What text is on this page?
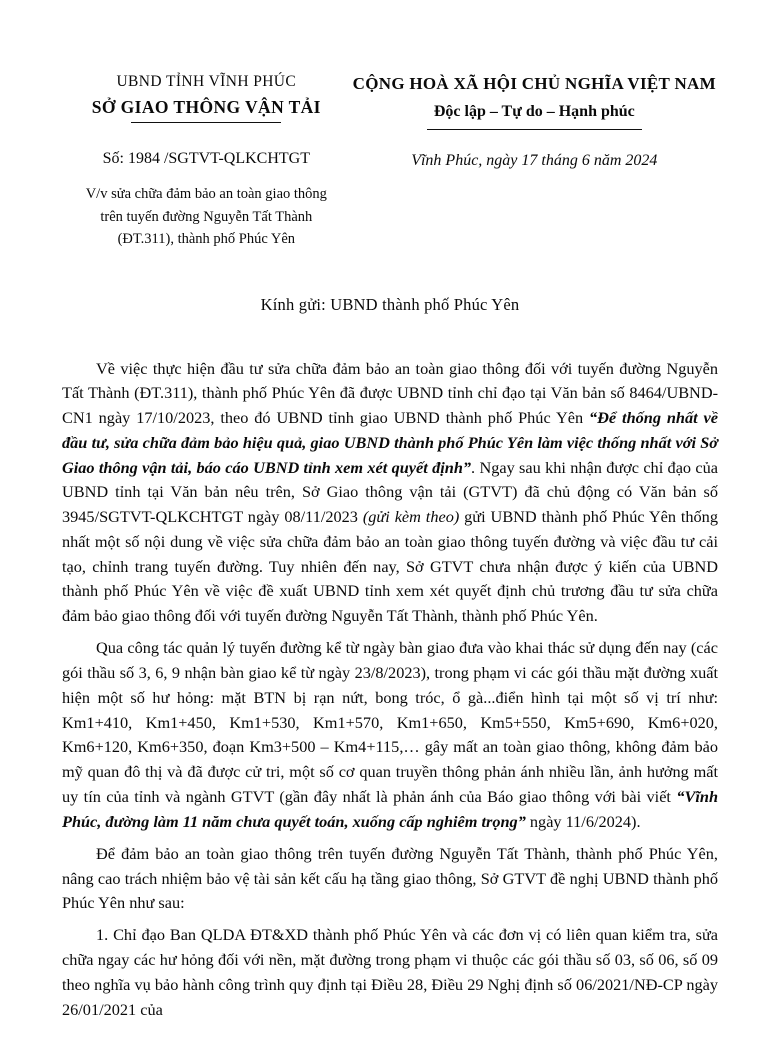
UBND TỈNH VĨNH PHÚC
SỞ GIAO THÔNG VẬN TẢI
CỘNG HOÀ XÃ HỘI CHỦ NGHĨA VIỆT NAM
Độc lập – Tự do – Hạnh phúc
Số: 1984 /SGTVT-QLKCHTGT
V/v sửa chữa đảm bảo an toàn giao thông trên tuyến đường Nguyễn Tất Thành (ĐT.311), thành phố Phúc Yên
Vĩnh Phúc, ngày 17 tháng 6 năm 2024
Kính gửi: UBND thành phố Phúc Yên

Về việc thực hiện đầu tư sửa chữa đảm bảo an toàn giao thông đối với tuyến đường Nguyễn Tất Thành (ĐT.311), thành phố Phúc Yên đã được UBND tỉnh chỉ đạo tại Văn bản số 8464/UBND-CN1 ngày 17/10/2023, theo đó UBND tỉnh giao UBND thành phố Phúc Yên “Để thống nhất về đầu tư, sửa chữa đảm bảo hiệu quả, giao UBND thành phố Phúc Yên làm việc thống nhất với Sở Giao thông vận tải, báo cáo UBND tỉnh xem xét quyết định”. Ngay sau khi nhận được chỉ đạo của UBND tỉnh tại Văn bản nêu trên, Sở Giao thông vận tải (GTVT) đã chủ động có Văn bản số 3945/SGTVT-QLKCHTGT ngày 08/11/2023 (gửi kèm theo) gửi UBND thành phố Phúc Yên thống nhất một số nội dung về việc sửa chữa đảm bảo an toàn giao thông tuyến đường và việc đầu tư cải tạo, chỉnh trang tuyến đường. Tuy nhiên đến nay, Sở GTVT chưa nhận được ý kiến của UBND thành phố Phúc Yên về việc đề xuất UBND tỉnh xem xét quyết định chủ trương đầu tư sửa chữa đảm bảo giao thông đối với tuyến đường Nguyễn Tất Thành, thành phố Phúc Yên.

Qua công tác quản lý tuyến đường kể từ ngày bàn giao đưa vào khai thác sử dụng đến nay (các gói thầu số 3, 6, 9 nhận bàn giao kể từ ngày 23/8/2023), trong phạm vi các gói thầu mặt đường xuất hiện một số hư hỏng: mặt BTN bị rạn nứt, bong tróc, ổ gà...điển hình tại một số vị trí như: Km1+410, Km1+450, Km1+530, Km1+570, Km1+650, Km5+550, Km5+690, Km6+020, Km6+120, Km6+350, đoạn Km3+500 – Km4+115,… gây mất an toàn giao thông, không đảm bảo mỹ quan đô thị và đã được cử tri, một số cơ quan truyền thông phản ánh nhiều lần, ảnh hưởng mất uy tín của tỉnh và ngành GTVT (gần đây nhất là phản ánh của Báo giao thông với bài viết “Vĩnh Phúc, đường làm 11 năm chưa quyết toán, xuống cấp nghiêm trọng” ngày 11/6/2024).

Để đảm bảo an toàn giao thông trên tuyến đường Nguyễn Tất Thành, thành phố Phúc Yên, nâng cao trách nhiệm bảo vệ tài sản kết cấu hạ tầng giao thông, Sở GTVT đề nghị UBND thành phố Phúc Yên như sau:

1. Chỉ đạo Ban QLDA ĐT&XD thành phố Phúc Yên và các đơn vị có liên quan kiểm tra, sửa chữa ngay các hư hỏng đối với nền, mặt đường trong phạm vi thuộc các gói thầu số 03, số 06, số 09 theo nghĩa vụ bảo hành công trình quy định tại Điều 28, Điều 29 Nghị định số 06/2021/NĐ-CP ngày 26/01/2021 của
